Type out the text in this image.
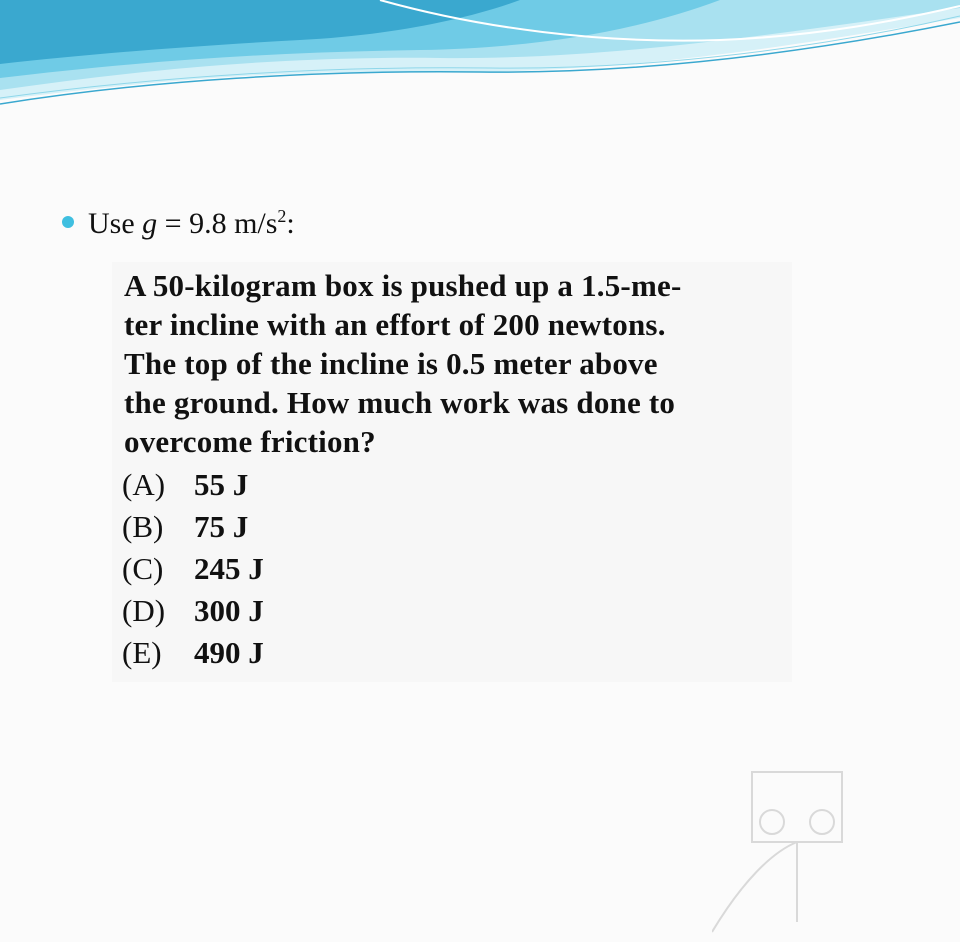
Use g = 9.8 $m/s^2$:
A 50-kilogram box is pushed up a 1.5-me-
ter incline with an effort of 200 newtons.
The top of the incline is 0.5 meter above
the ground. How much work was done to
overcome friction?
(A) 55 J
(B) 75 J
(C) 245 J
(D) 300 J
(E) 490 J
